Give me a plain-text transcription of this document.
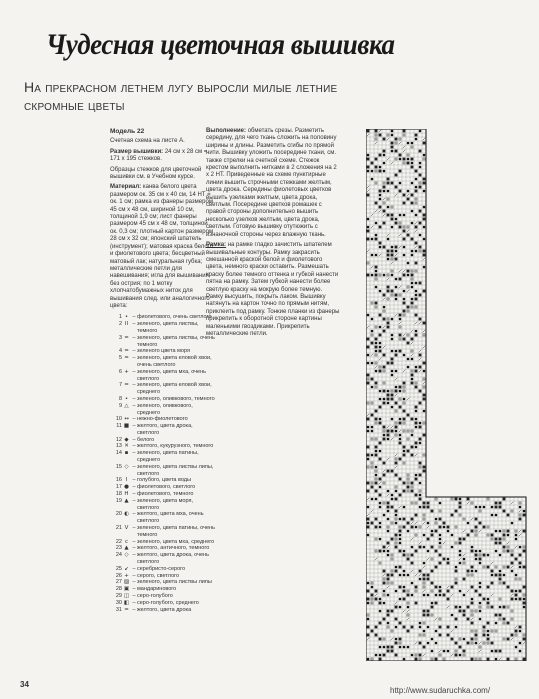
Чудесная цветочная вышивка
На прекрасном летнем лугу выросли милые летние скромные цветы

Модель 22

Счетная схема на листе А.

Размер вышивки: 24 см х 28 см = 171 х 195 стежков.

Образцы стежков для цветочной вышивки см. в Учебном курсе.

Материал: канва белого цвета размером ок. 35 см х 40 см, 14 НТ = ок. 1 см; рамка из фанеры размером 45 см х 48 см, шириной 10 см, толщиной 1,9 см; лист фанеры размером 45 см х 48 см, толщиной ок. 0,3 см; плотный картон размером 28 см х 32 см; японский шпатель (инструмент); матовая краска белого и фиолетового цвета; бесцветный матовый лак; натуральная губка; металлические петли для навешивания; игла для вышивания без острия; по 1 мотку хлопчатобумажных ниток для вышивания след. или аналогичного цвета:

1 • – фиолетового, очень светлого
2 II – зеленого, цвета листвы, темного
3 = – зеленого, цвета листвы, очень темного
4 = – зеленого цвета моря
5 = – зеленого, цвета еловой хвои, очень светлого
6 + – зеленого, цвета мха, очень светлого
7 = – зеленого, цвета еловой хвои, среднего
8 • – зеленого, оливкового, темного
9 △ – зеленого, оливкового, среднего
10 ↔ – нежно-фиолетового
11 ■ – желтого, цвета дрока, светлого
12 ◆ – белого
13 ✕ – желтого, кукурузного, темного
14 ▪ – зеленого, цвета патины, среднего
15 ◇ – зеленого, цвета листвы липы, светлого
16 I – голубого, цвета воды
17 ● – фиолетового, светлого
18 H – фиолетового, темного
19 ▲ – зеленого, цвета моря, светлого
20 ◐ – желтого, цвета мха, очень светлого
21 V – зеленого, цвета патины, очень темного
22 c – зеленого, цвета мха, среднего
23 ▲ – желтого, античного, темного
24 ◇ – желтого, цвета дрока, очень светлого
25 ↙ – серебристо-серого
26 + – серого, светлого
27 ▨ – зеленого, цвета листвы липы
28 ▣ – мандаринового
29 ◫ – серо-голубого
30 ◧ – серо-голубого, среднего
31 = – желтого, цвета дрока

Выполнение: обметать срезы. Разметить середину, для чего ткань сложить на половину ширины и длины. Разметить сгибы по прямой нити. Вышивку уложить посередине ткани, см. также стрелки на счетной схеме. Стежок крестом выполнить нитками в 2 сложения на 2 х 2 НТ. Приведенные на схеме пунктирные линии вышить строчными стежками желтым, цвета дрока. Середины фиолетовых цветков вышить узелками желтым, цвета дрока, светлым. Посередине цветков ромашек с правой стороны дополнительно вышить несколько узелков желтым, цвета дрока, светлым. Готовую вышивку отутюжить с изнаночной стороны через влажную ткань.

Рамка: на рамке гладко зачистить шпателем вышивальные контуры. Рамку закрасить смешанной краской белой и фиолетового цвета, немного краски оставить. Размешать краску более темного оттенка и губкой нанести пятна на рамку. Затем губкой нанести более светлую краску на мокрую более темную. Рамку высушить, покрыть лаком. Вышивку натянуть на картон точно по прямым нитям, приклеить под рамку. Тонкие планки из фанеры прикрепить к оборотной стороне картины маленькими гвоздиками. Прикрепить металлические петли.

34
http://www.sudaruchka.com/
